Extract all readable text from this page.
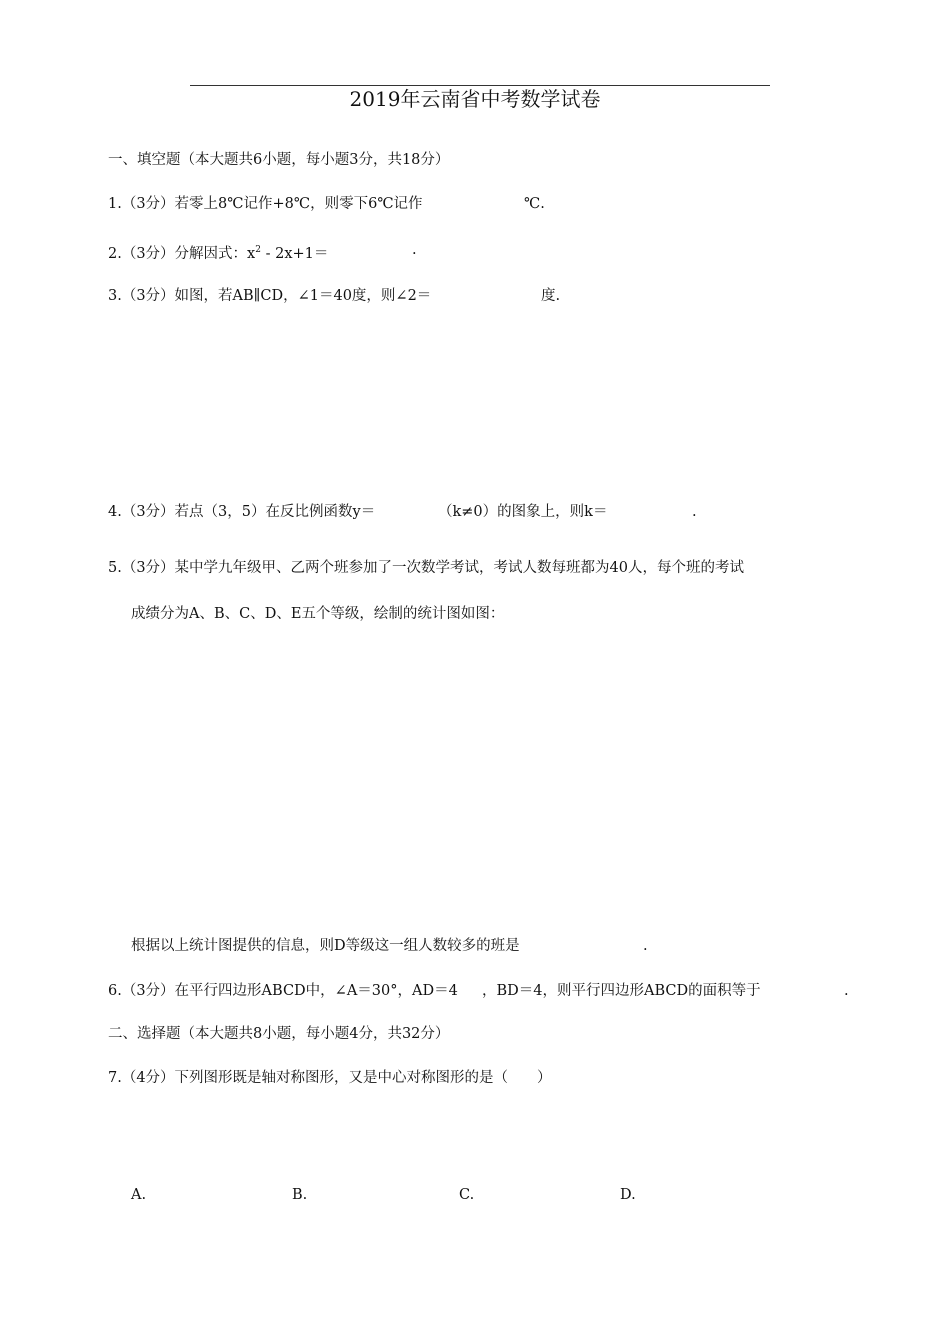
2019年云南省中考数学试卷
一、填空题（本大题共6小题，每小题3分，共18分）
1.（3分）若零上8℃记作+8℃，则零下6℃记作	℃.
2.（3分）分解因式：$x^2 - 2x+1=$	.
3.（3分）如图，若AB∥CD，∠1＝40度，则∠2＝	度.
4.（3分）若点（3，5）在反比例函数y＝	（k≠0）的图象上，则k＝	.
5.（3分）某中学九年级甲、乙两个班参加了一次数学考试，考试人数每班都为40人，每个班的考试
成绩分为A、B、C、D、E五个等级，绘制的统计图如图：
根据以上统计图提供的信息，则D等级这一组人数较多的班是	.
6.（3分）在平行四边形ABCD中，∠A＝30°，AD＝4 ，BD＝4，则平行四边形ABCD的面积等于	.
二、选择题（本大题共8小题，每小题4分，共32分）
7.（4分）下列图形既是轴对称图形，又是中心对称图形的是（　　）
A.	B.	C.	D.
